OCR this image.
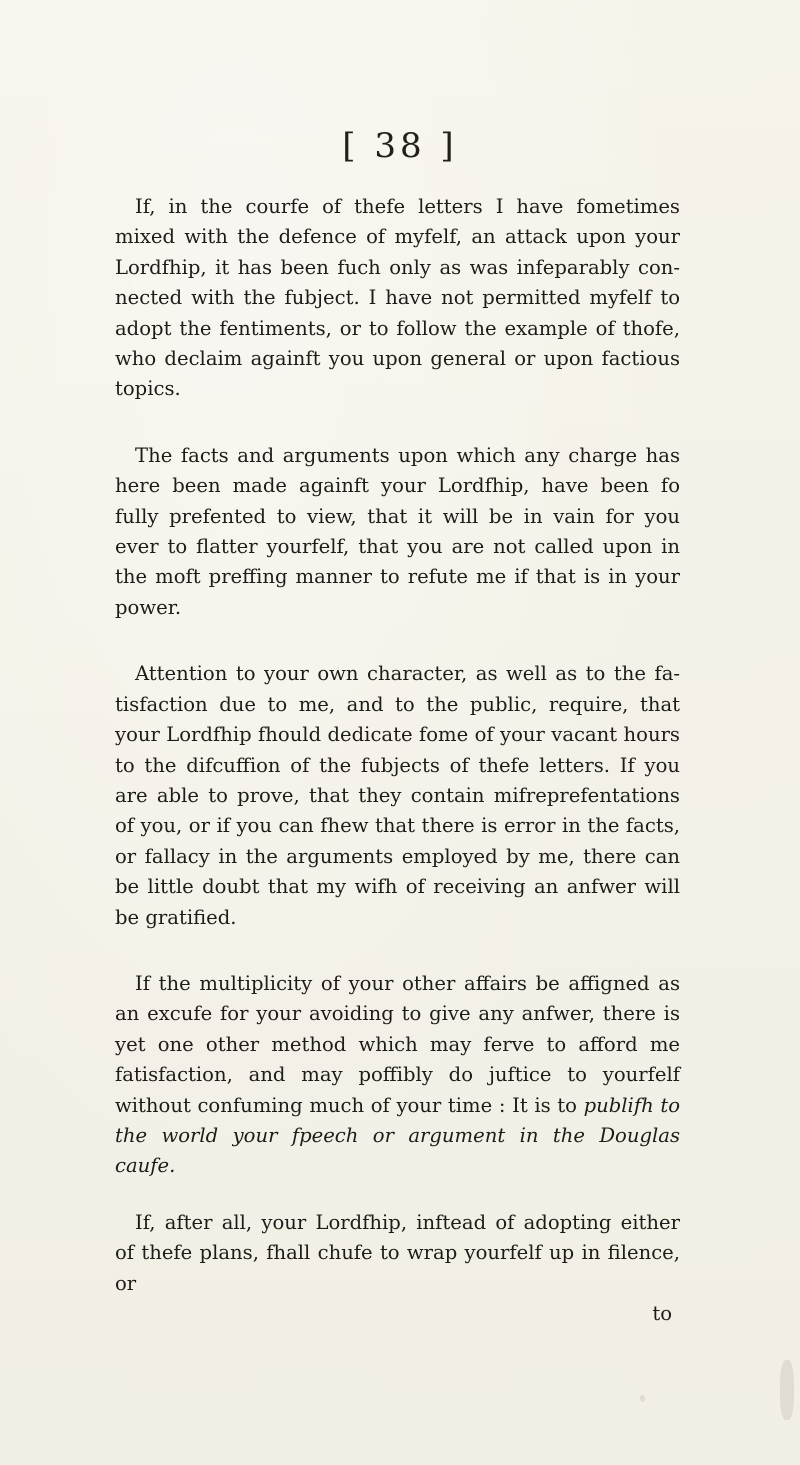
[ 38 ]

If, in the courfe of thefe letters I have fometimes mixed with the defence of myfelf, an attack upon your Lordfhip, it has been fuch only as was infeparably connected with the fubject. I have not permitted myfelf to adopt the fentiments, or to follow the example of thofe, who declaim againft you upon general or upon factious topics.

The facts and arguments upon which any charge has here been made againft your Lordfhip, have been fo fully prefented to view, that it will be in vain for you ever to flatter yourfelf, that you are not called upon in the moft preffing manner to refute me if that is in your power.

Attention to your own character, as well as to the fatisfaction due to me, and to the public, require, that your Lordfhip fhould dedicate fome of your vacant hours to the difcuffion of the fubjects of thefe letters. If you are able to prove, that they contain mifreprefentations of you, or if you can fhew that there is error in the facts, or fallacy in the arguments employed by me, there can be little doubt that my wifh of receiving an anfwer will be gratified.

If the multiplicity of your other affairs be affigned as an excufe for your avoiding to give any anfwer, there is yet one other method which may ferve to afford me fatisfaction, and may poffibly do juftice to yourfelf without confuming much of your time : It is to publifh to the world your fpeech or argument in the Douglas caufe.

If, after all, your Lordfhip, inftead of adopting either of thefe plans, fhall chufe to wrap yourfelf up in filence, or

to
